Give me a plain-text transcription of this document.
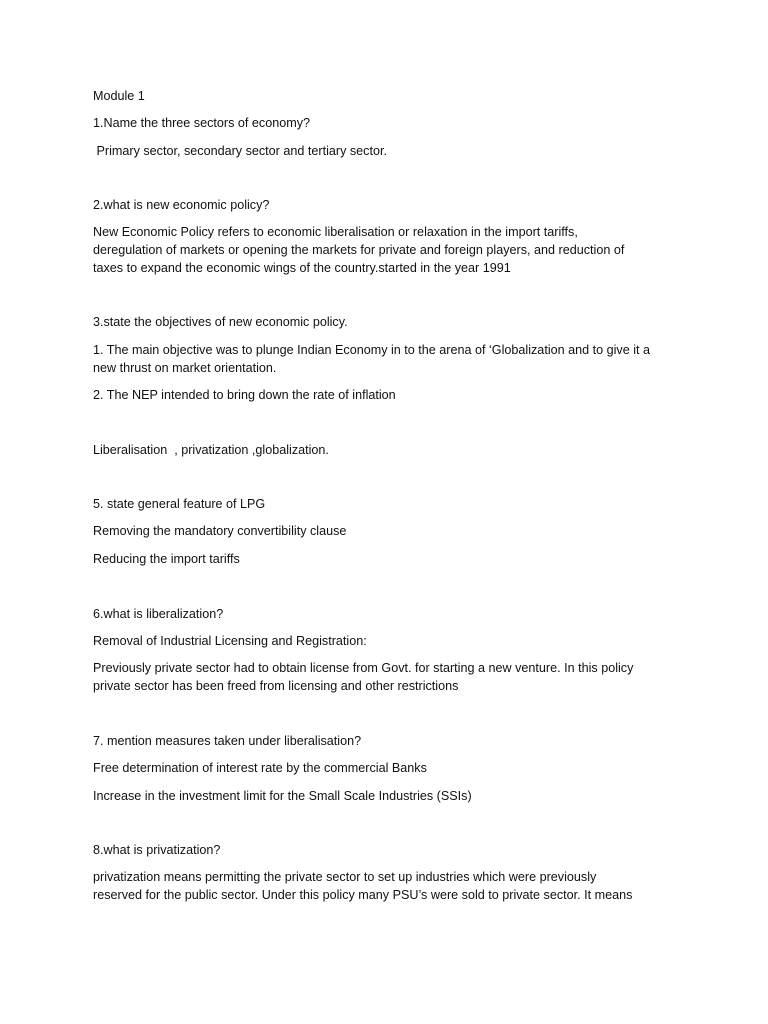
Module 1

1.Name the three sectors of economy?

Primary sector, secondary sector and tertiary sector.

2.what is new economic policy?

New Economic Policy refers to economic liberalisation or relaxation in the import tariffs,
deregulation of markets or opening the markets for private and foreign players, and reduction of
taxes to expand the economic wings of the country.started in the year 1991

3.state the objectives of new economic policy.

1. The main objective was to plunge Indian Economy in to the arena of ‘Globalization and to give it a
new thrust on market orientation.

2. The NEP intended to bring down the rate of inflation

Liberalisation  , privatization ,globalization.

5. state general feature of LPG

Removing the mandatory convertibility clause

Reducing the import tariffs

6.what is liberalization?

Removal of Industrial Licensing and Registration:

Previously private sector had to obtain license from Govt. for starting a new venture. In this policy
private sector has been freed from licensing and other restrictions

7. mention measures taken under liberalisation?

Free determination of interest rate by the commercial Banks

Increase in the investment limit for the Small Scale Industries (SSIs)

8.what is privatization?

privatization means permitting the private sector to set up industries which were previously
reserved for the public sector. Under this policy many PSU’s were sold to private sector. It means
